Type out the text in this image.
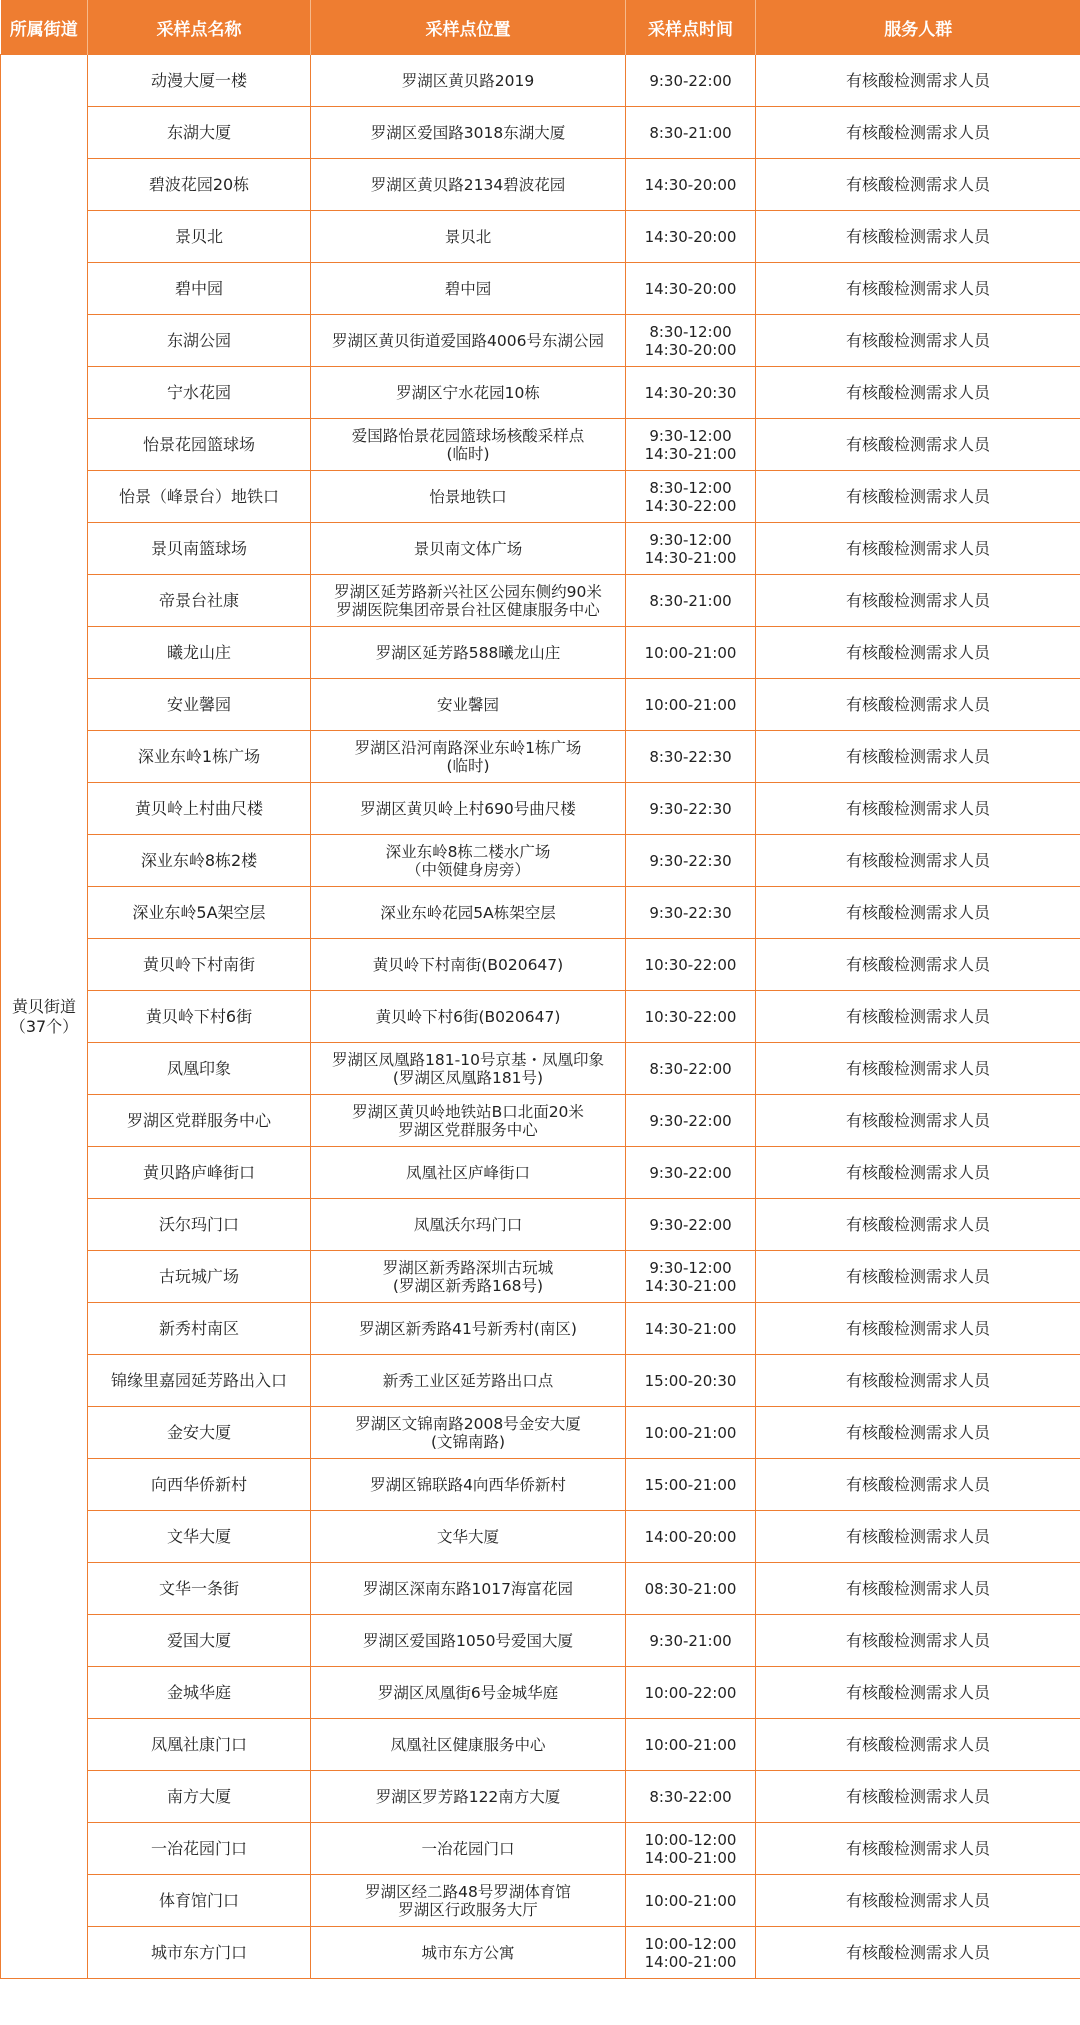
所属街道	采样点名称	采样点位置	采样点时间	服务人群

黄贝街道
（37个）	动漫大厦一楼	罗湖区黄贝路2019	9:30-22:00	有核酸检测需求人员
	东湖大厦	罗湖区爱国路3018东湖大厦	8:30-21:00	有核酸检测需求人员
	碧波花园20栋	罗湖区黄贝路2134碧波花园	14:30-20:00	有核酸检测需求人员
	景贝北	景贝北	14:30-20:00	有核酸检测需求人员
	碧中园	碧中园	14:30-20:00	有核酸检测需求人员
	东湖公园	罗湖区黄贝街道爱国路4006号东湖公园	8:30-12:00
14:30-20:00	有核酸检测需求人员
	宁水花园	罗湖区宁水花园10栋	14:30-20:30	有核酸检测需求人员
	怡景花园篮球场	爱国路怡景花园篮球场核酸采样点
(临时)	9:30-12:00
14:30-21:00	有核酸检测需求人员
	怡景（峰景台）地铁口	怡景地铁口	8:30-12:00
14:30-22:00	有核酸检测需求人员
	景贝南篮球场	景贝南文体广场	9:30-12:00
14:30-21:00	有核酸检测需求人员
	帝景台社康	罗湖区延芳路新兴社区公园东侧约90米
罗湖医院集团帝景台社区健康服务中心	8:30-21:00	有核酸检测需求人员
	曦龙山庄	罗湖区延芳路588曦龙山庄	10:00-21:00	有核酸检测需求人员
	安业馨园	安业馨园	10:00-21:00	有核酸检测需求人员
	深业东岭1栋广场	罗湖区沿河南路深业东岭1栋广场
(临时)	8:30-22:30	有核酸检测需求人员
	黄贝岭上村曲尺楼	罗湖区黄贝岭上村690号曲尺楼	9:30-22:30	有核酸检测需求人员
	深业东岭8栋2楼	深业东岭8栋二楼水广场
（中领健身房旁）	9:30-22:30	有核酸检测需求人员
	深业东岭5A架空层	深业东岭花园5A栋架空层	9:30-22:30	有核酸检测需求人员
	黄贝岭下村南街	黄贝岭下村南街(B020647)	10:30-22:00	有核酸检测需求人员
	黄贝岭下村6街	黄贝岭下村6街(B020647)	10:30-22:00	有核酸检测需求人员
	凤凰印象	罗湖区凤凰路181-10号京基・凤凰印象
(罗湖区凤凰路181号)	8:30-22:00	有核酸检测需求人员
	罗湖区党群服务中心	罗湖区黄贝岭地铁站B口北面20米
罗湖区党群服务中心	9:30-22:00	有核酸检测需求人员
	黄贝路庐峰街口	凤凰社区庐峰街口	9:30-22:00	有核酸检测需求人员
	沃尔玛门口	凤凰沃尔玛门口	9:30-22:00	有核酸检测需求人员
	古玩城广场	罗湖区新秀路深圳古玩城
(罗湖区新秀路168号)	9:30-12:00
14:30-21:00	有核酸检测需求人员
	新秀村南区	罗湖区新秀路41号新秀村(南区)	14:30-21:00	有核酸检测需求人员
	锦缘里嘉园延芳路出入口	新秀工业区延芳路出口点	15:00-20:30	有核酸检测需求人员
	金安大厦	罗湖区文锦南路2008号金安大厦
(文锦南路)	10:00-21:00	有核酸检测需求人员
	向西华侨新村	罗湖区锦联路4向西华侨新村	15:00-21:00	有核酸检测需求人员
	文华大厦	文华大厦	14:00-20:00	有核酸检测需求人员
	文华一条街	罗湖区深南东路1017海富花园	08:30-21:00	有核酸检测需求人员
	爱国大厦	罗湖区爱国路1050号爱国大厦	9:30-21:00	有核酸检测需求人员
	金城华庭	罗湖区凤凰街6号金城华庭	10:00-22:00	有核酸检测需求人员
	凤凰社康门口	凤凰社区健康服务中心	10:00-21:00	有核酸检测需求人员
	南方大厦	罗湖区罗芳路122南方大厦	8:30-22:00	有核酸检测需求人员
	一冶花园门口	一冶花园门口	10:00-12:00
14:00-21:00	有核酸检测需求人员
	体育馆门口	罗湖区经二路48号罗湖体育馆
罗湖区行政服务大厅	10:00-21:00	有核酸检测需求人员
	城市东方门口	城市东方公寓	10:00-12:00
14:00-21:00	有核酸检测需求人员
